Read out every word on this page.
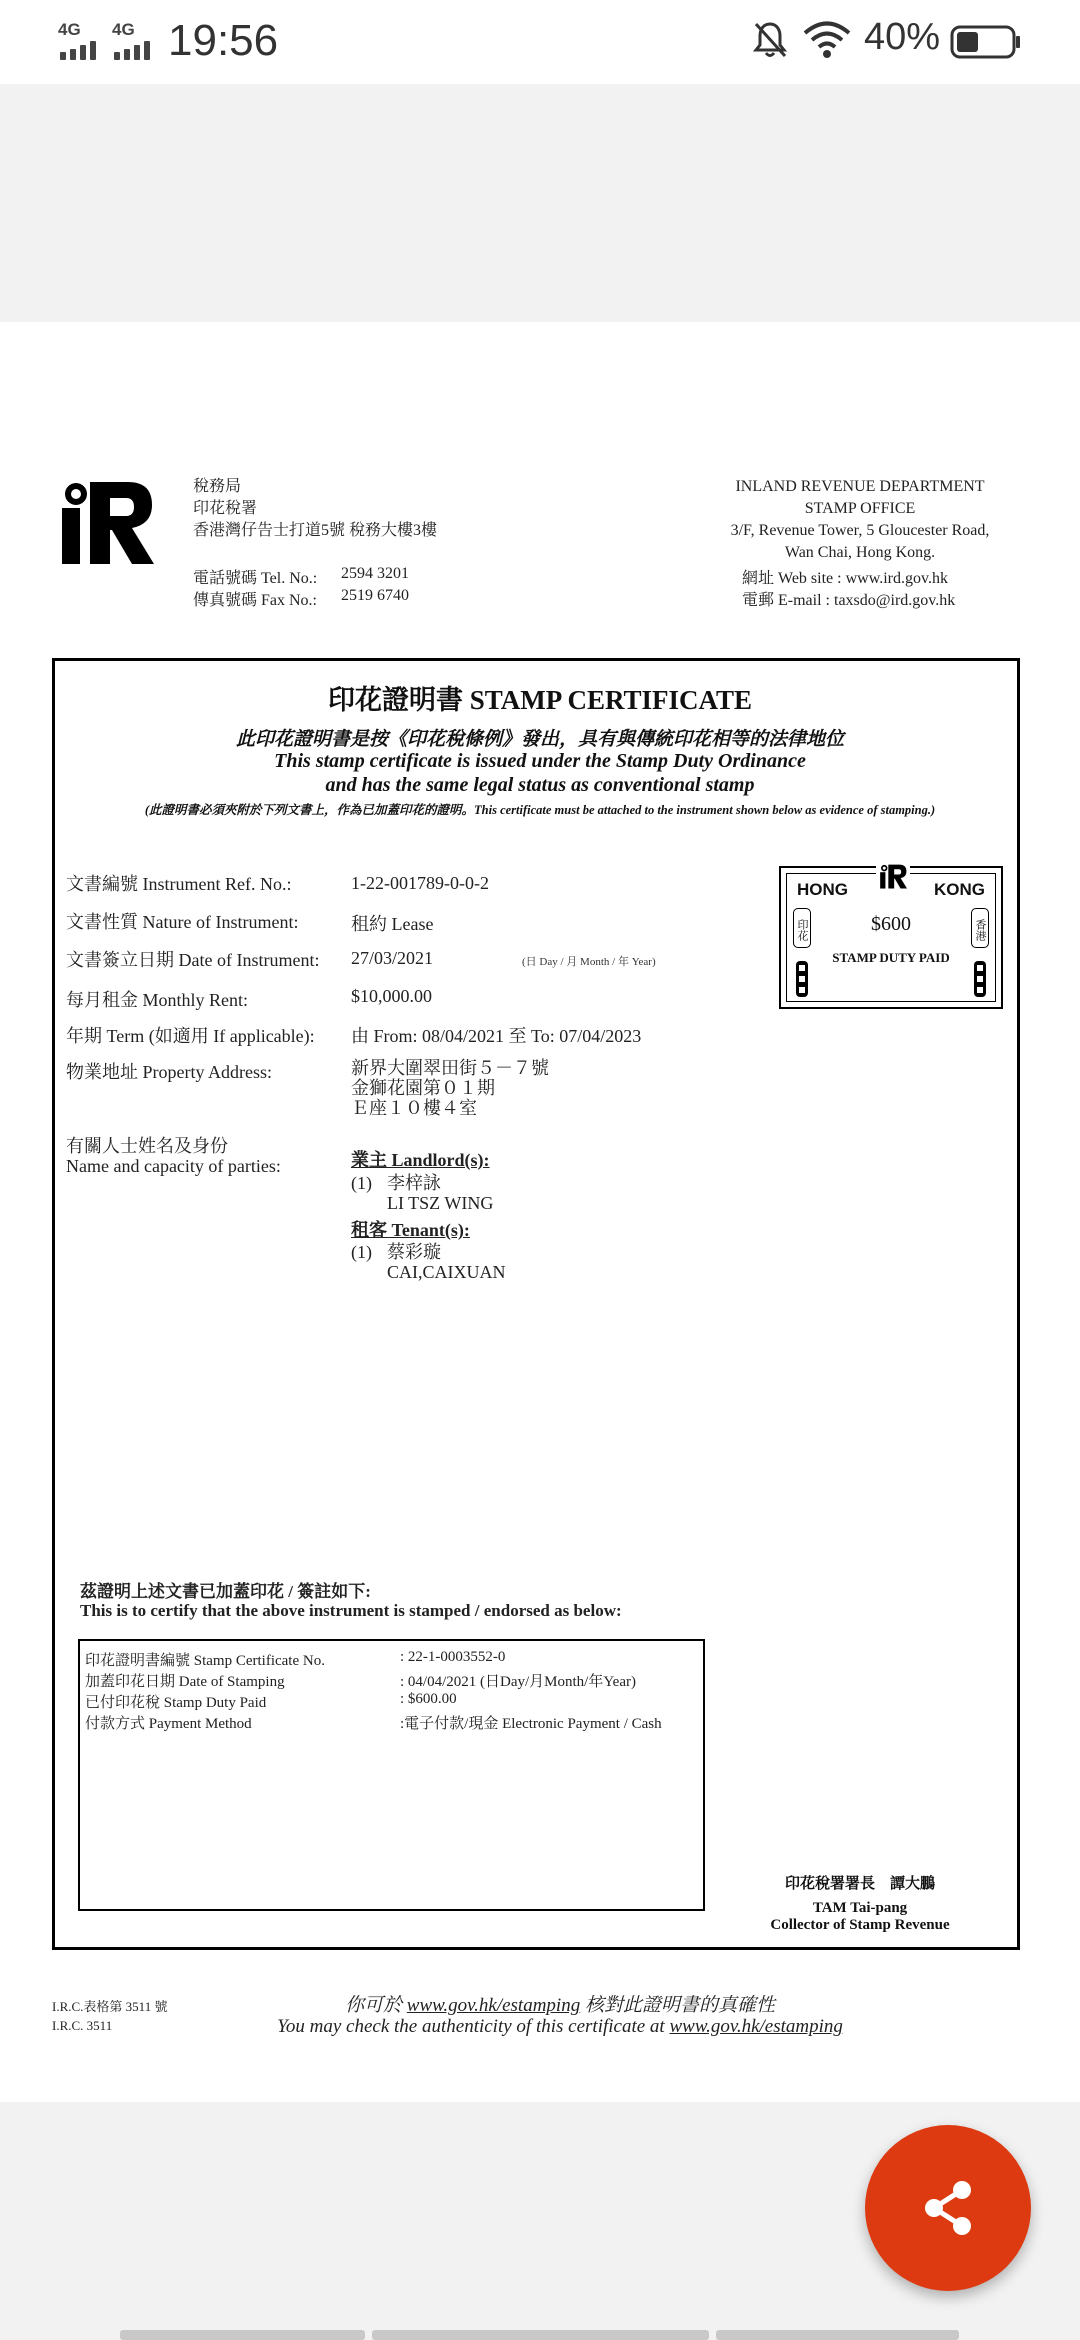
4G 4G 19:56	40%
稅務局
印花稅署
香港灣仔告士打道5號 稅務大樓3樓
電話號碼 Tel. No.: 2594 3201
傳真號碼 Fax No.: 2519 6740
INLAND REVENUE DEPARTMENT
STAMP OFFICE
3/F, Revenue Tower, 5 Gloucester Road,
Wan Chai, Hong Kong.
網址 Web site : www.ird.gov.hk
電郵 E-mail : taxsdo@ird.gov.hk
印花證明書 STAMP CERTIFICATE
此印花證明書是按《印花稅條例》發出，具有與傳統印花相等的法律地位
This stamp certificate is issued under the Stamp Duty Ordinance
and has the same legal status as conventional stamp
(此證明書必須夾附於下列文書上，作為已加蓋印花的證明。This certificate must be attached to the instrument shown below as evidence of stamping.)
文書編號 Instrument Ref. No.:	1-22-001789-0-0-2
文書性質 Nature of Instrument:	租約 Lease
文書簽立日期 Date of Instrument: 27/03/2021	(日 Day / 月 Month / 年 Year)
每月租金 Monthly Rent:	$10,000.00
年期 Term (如適用 If applicable): 由 From: 08/04/2021 至 To: 07/04/2023
物業地址 Property Address:	新界大圍翠田街５－７號
金獅花園第０１期
Ｅ座１０樓４室
有關人士姓名及身份
Name and capacity of parties:	業主 Landlord(s):
(1) 李梓詠
LI TSZ WING
租客 Tenant(s):
(1) 蔡彩璇
CAI,CAIXUAN
HONG	KONG
$600
STAMP DUTY PAID
印花	香港
茲證明上述文書已加蓋印花 / 簽註如下:
This is to certify that the above instrument is stamped / endorsed as below:
印花證明書編號 Stamp Certificate No.	: 22-1-0003552-0
加蓋印花日期 Date of Stamping	: 04/04/2021 (日Day/月Month/年Year)
已付印花稅 Stamp Duty Paid	: $600.00
付款方式 Payment Method	:電子付款/現金 Electronic Payment / Cash
印花稅署署長　譚大鵬
TAM Tai-pang
Collector of Stamp Revenue
I.R.C.表格第 3511 號
I.R.C. 3511
你可於 www.gov.hk/estamping 核對此證明書的真確性
You may check the authenticity of this certificate at www.gov.hk/estamping
